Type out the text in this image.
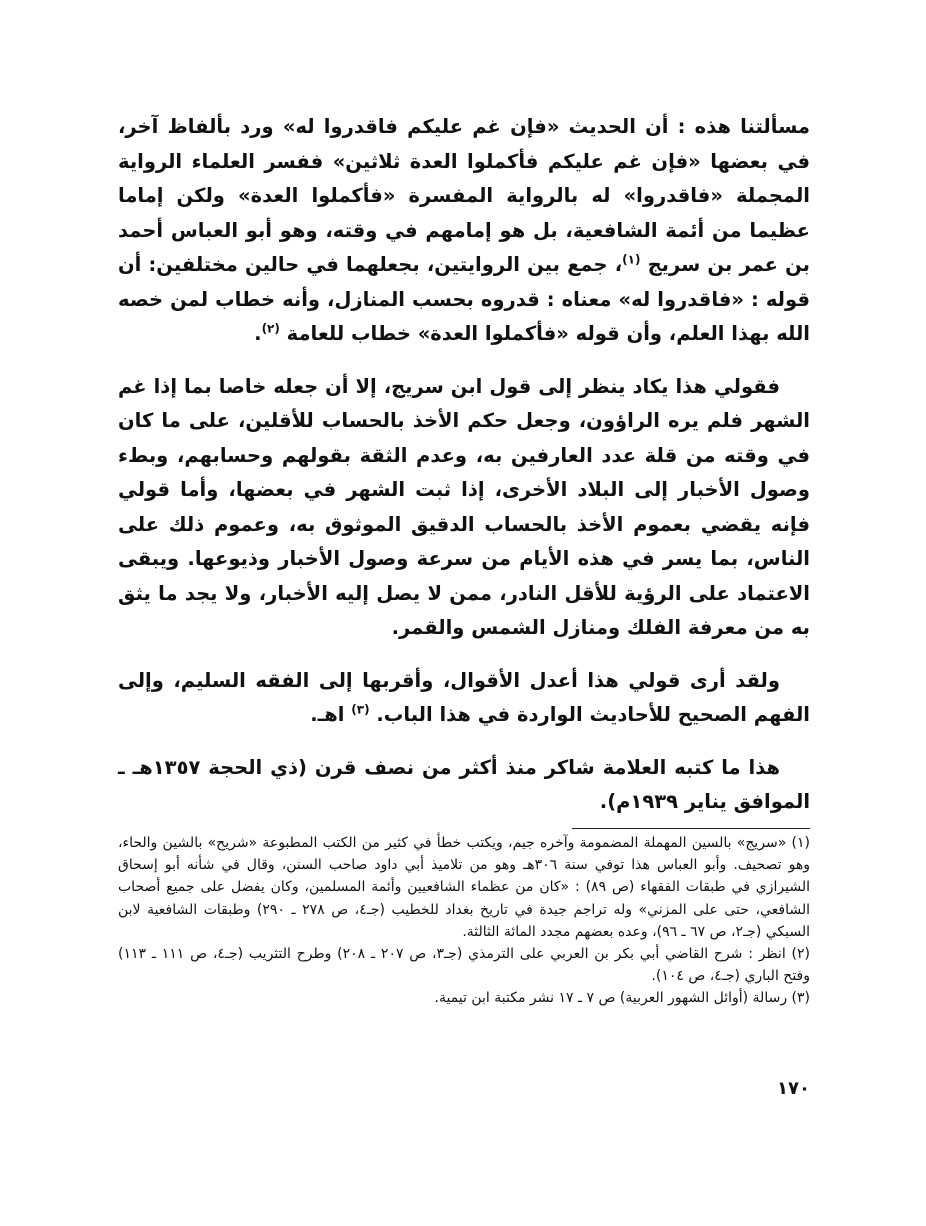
مسألتنا هذه : أن الحديث «فإن غم عليكم فاقدروا له» ورد بألفاظ آخر، في بعضها «فإن غم عليكم فأكملوا العدة ثلاثين» ففسر العلماء الرواية المجملة «فاقدروا» له بالرواية المفسرة «فأكملوا العدة» ولكن إماما عظيما من أئمة الشافعية، بل هو إمامهم في وقته، وهو أبو العباس أحمد بن عمر بن سريج $^{(١)}$، جمع بين الروايتين، بجعلهما في حالين مختلفين: أن قوله : «فاقدروا له» معناه : قدروه بحسب المنازل، وأنه خطاب لمن خصه الله بهذا العلم، وأن قوله «فأكملوا العدة» خطاب للعامة $^{(٢)}$.

فقولي هذا يكاد ينظر إلى قول ابن سريج، إلا أن جعله خاصا بما إذا غم الشهر فلم يره الراؤون، وجعل حكم الأخذ بالحساب للأقلين، على ما كان في وقته من قلة عدد العارفين به، وعدم الثقة بقولهم وحسابهم، وبطء وصول الأخبار إلى البلاد الأخرى، إذا ثبت الشهر في بعضها، وأما قولي فإنه يقضي بعموم الأخذ بالحساب الدقيق الموثوق به، وعموم ذلك على الناس، بما يسر في هذه الأيام من سرعة وصول الأخبار وذيوعها. ويبقى الاعتماد على الرؤية للأقل النادر، ممن لا يصل إليه الأخبار، ولا يجد ما يثق به من معرفة الفلك ومنازل الشمس والقمر.

ولقد أرى قولي هذا أعدل الأقوال، وأقربها إلى الفقه السليم، وإلى الفهم الصحيح للأحاديث الواردة في هذا الباب. $^{(٣)}$ اهـ.

هذا ما كتبه العلامة شاكر منذ أكثر من نصف قرن (ذي الحجة ١٣٥٧هـ ـ الموافق يناير ١٩٣٩م).

(١) «سريج» بالسين المهملة المضمومة وآخره جيم، ويكتب خطأ في كثير من الكتب المطبوعة «شريح» بالشين والحاء، وهو تصحيف. وأبو العباس هذا توفي سنة ٣٠٦هـ وهو من تلاميذ أبي داود صاحب السنن، وقال في شأنه أبو إسحاق الشيرازي في طبقات الفقهاء (ص ٨٩) : «كان من عظماء الشافعيين وأئمة المسلمين، وكان يفضل على جميع أصحاب الشافعي، حتى على المزني» وله تراجم جيدة في تاريخ بغداد للخطيب (جـ٤، ص ٢٧٨ ـ ٢٩٠) وطبقات الشافعية لابن السبكي (جـ٢، ص ٦٧ ـ ٩٦)، وعده بعضهم مجدد المائة الثالثة.

(٢) انظر : شرح القاضي أبي بكر بن العربي على الترمذي (جـ٣، ص ٢٠٧ ـ ٢٠٨) وطرح التثريب (جـ٤، ص ١١١ ـ ١١٣) وفتح الباري (جـ٤، ص ١٠٤).

(٣) رسالة (أوائل الشهور العربية) ص ٧ ـ ١٧ نشر مكتبة ابن تيمية.

١٧٠
